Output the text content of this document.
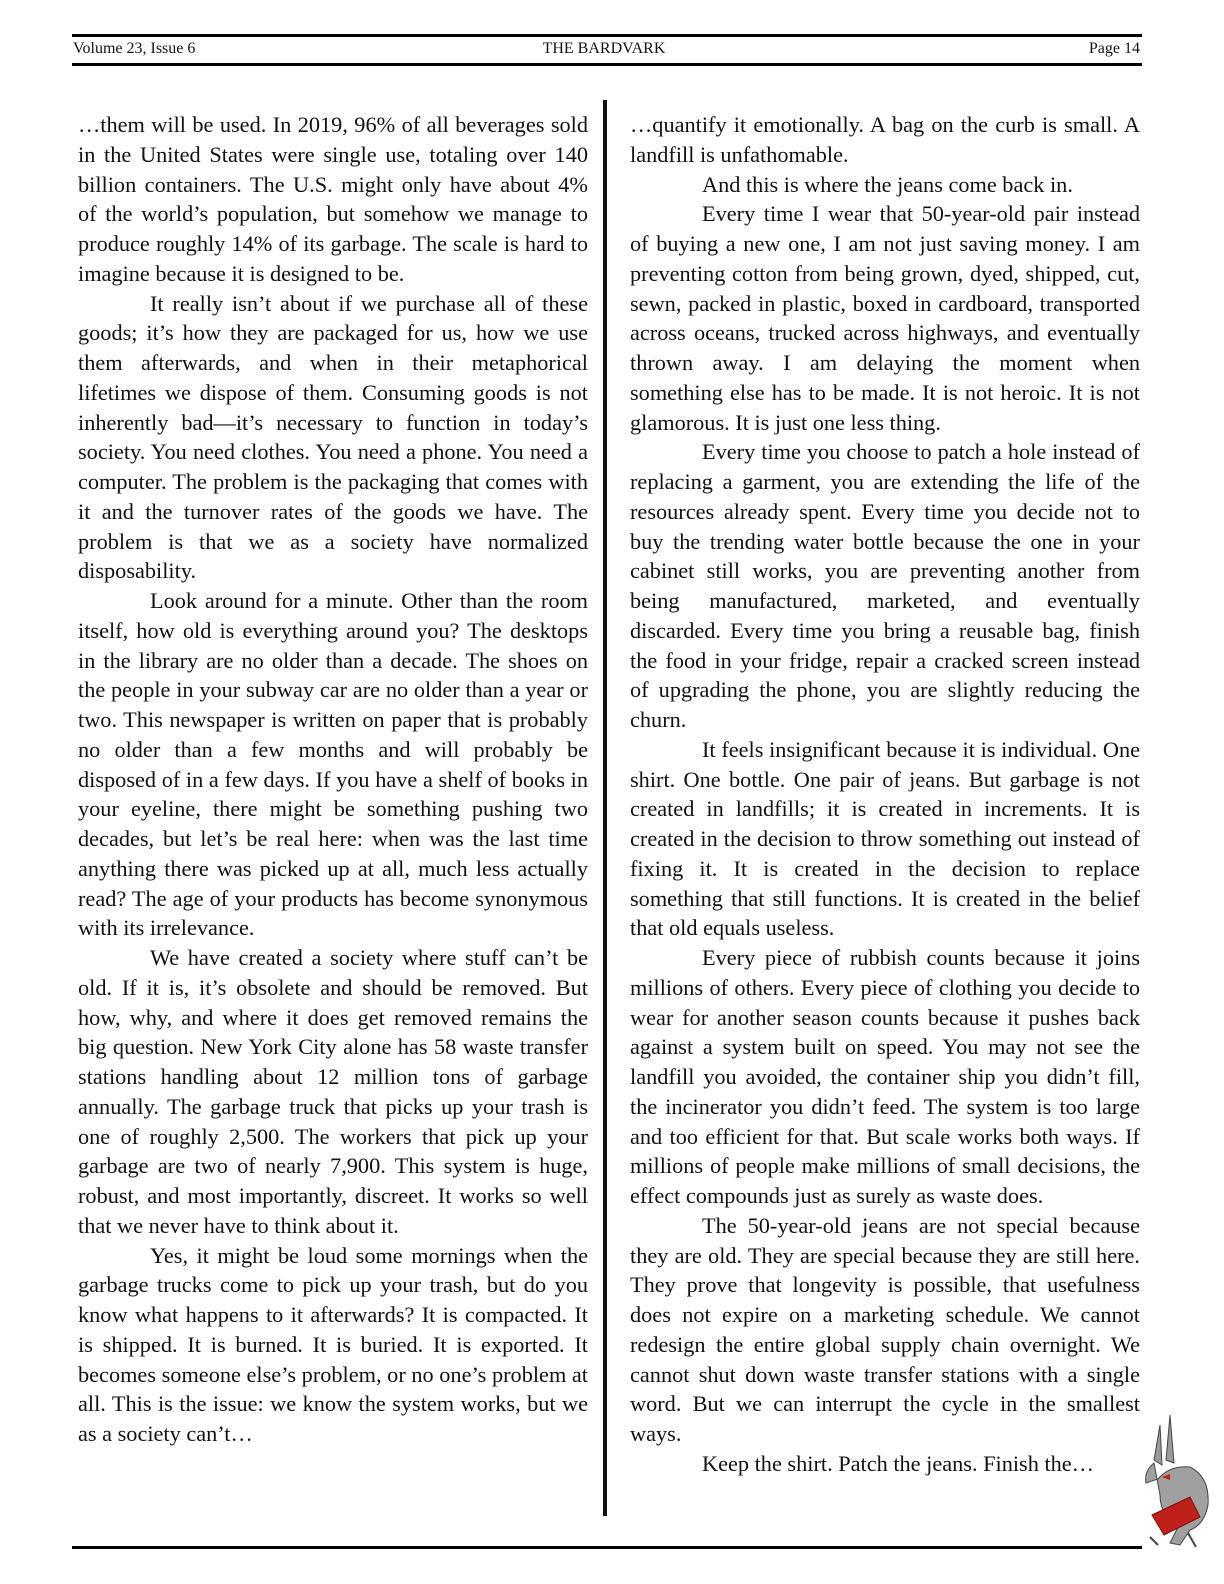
Volume 23, Issue 6	THE BARDVARK	Page 14

…them will be used. In 2019, 96% of all beverages sold in the United States were single use, totaling over 140 billion containers. The U.S. might only have about 4% of the world’s population, but somehow we manage to produce roughly 14% of its garbage. The scale is hard to imagine because it is designed to be.

It really isn’t about if we purchase all of these goods; it’s how they are packaged for us, how we use them afterwards, and when in their metaphorical lifetimes we dispose of them. Consuming goods is not inherently bad—it’s necessary to function in today’s society. You need clothes. You need a phone. You need a computer. The problem is the packaging that comes with it and the turnover rates of the goods we have. The problem is that we as a society have normalized disposability.

Look around for a minute. Other than the room itself, how old is everything around you? The desktops in the library are no older than a decade. The shoes on the people in your subway car are no older than a year or two. This newspaper is written on paper that is probably no older than a few months and will probably be disposed of in a few days. If you have a shelf of books in your eyeline, there might be something pushing two decades, but let’s be real here: when was the last time anything there was picked up at all, much less actually read? The age of your products has become synonymous with its irrelevance.

We have created a society where stuff can’t be old. If it is, it’s obsolete and should be removed. But how, why, and where it does get removed remains the big question. New York City alone has 58 waste transfer stations handling about 12 million tons of garbage annually. The garbage truck that picks up your trash is one of roughly 2,500. The workers that pick up your garbage are two of nearly 7,900. This system is huge, robust, and most importantly, discreet. It works so well that we never have to think about it.

Yes, it might be loud some mornings when the garbage trucks come to pick up your trash, but do you know what happens to it afterwards? It is compacted. It is shipped. It is burned. It is buried. It is exported. It becomes someone else’s problem, or no one’s problem at all. This is the issue: we know the system works, but we as a society can’t…

…quantify it emotionally. A bag on the curb is small. A landfill is unfathomable.

And this is where the jeans come back in.

Every time I wear that 50-year-old pair instead of buying a new one, I am not just saving money. I am preventing cotton from being grown, dyed, shipped, cut, sewn, packed in plastic, boxed in cardboard, transported across oceans, trucked across highways, and eventually thrown away. I am delaying the moment when something else has to be made. It is not heroic. It is not glamorous. It is just one less thing.

Every time you choose to patch a hole instead of replacing a garment, you are extending the life of the resources already spent. Every time you decide not to buy the trending water bottle because the one in your cabinet still works, you are preventing another from being manufactured, marketed, and eventually discarded. Every time you bring a reusable bag, finish the food in your fridge, repair a cracked screen instead of upgrading the phone, you are slightly reducing the churn.

It feels insignificant because it is individual. One shirt. One bottle. One pair of jeans. But garbage is not created in landfills; it is created in increments. It is created in the decision to throw something out instead of fixing it. It is created in the decision to replace something that still functions. It is created in the belief that old equals useless.

Every piece of rubbish counts because it joins millions of others. Every piece of clothing you decide to wear for another season counts because it pushes back against a system built on speed. You may not see the landfill you avoided, the container ship you didn’t fill, the incinerator you didn’t feed. The system is too large and too efficient for that. But scale works both ways. If millions of people make millions of small decisions, the effect compounds just as surely as waste does.

The 50-year-old jeans are not special because they are old. They are special because they are still here. They prove that longevity is possible, that usefulness does not expire on a marketing schedule. We cannot redesign the entire global supply chain overnight. We cannot shut down waste transfer stations with a single word. But we can interrupt the cycle in the smallest ways.

Keep the shirt. Patch the jeans. Finish the…
